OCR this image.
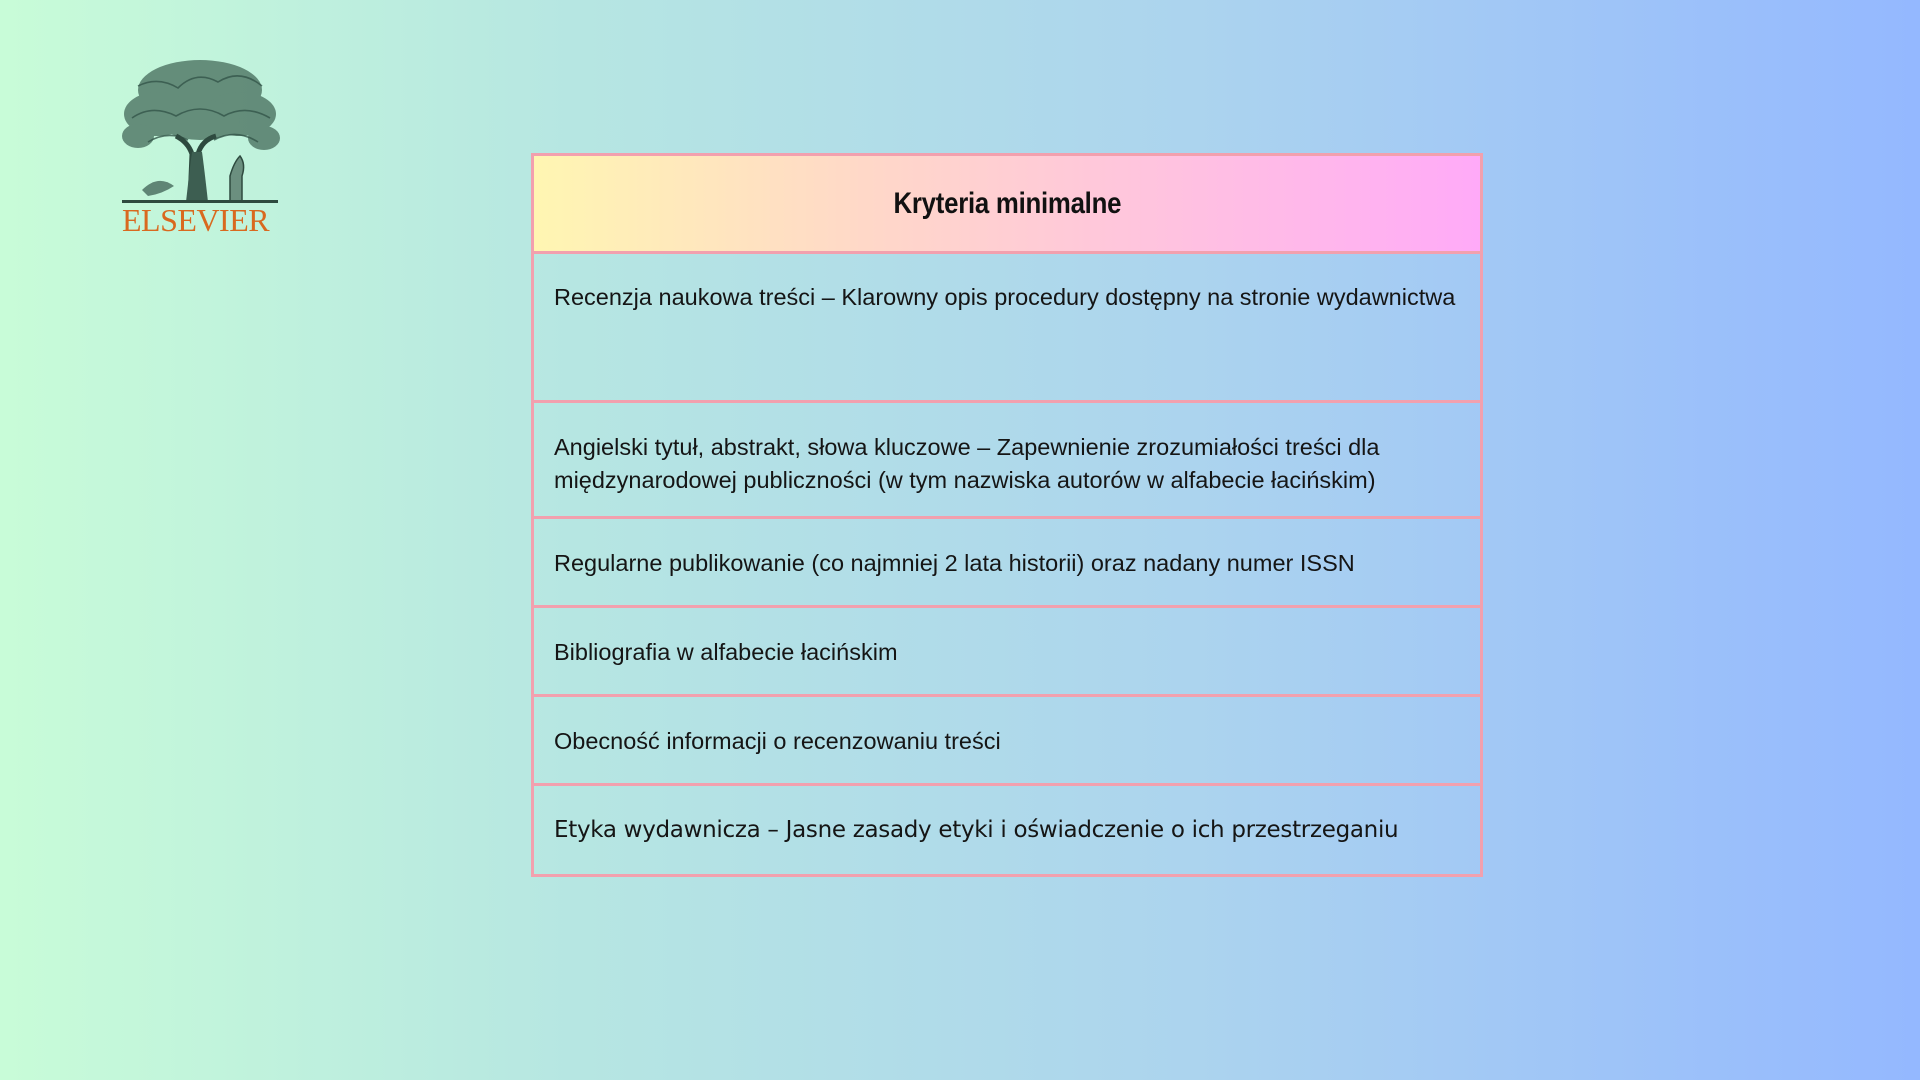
ELSEVIER	Kryteria minimalne
Recenzja naukowa treści – Klarowny opis procedury dostępny na stronie wydawnictwa
Angielski tytuł, abstrakt, słowa kluczowe – Zapewnienie zrozumiałości treści dla międzynarodowej publiczności (w tym nazwiska autorów w alfabecie łacińskim)
Regularne publikowanie (co najmniej 2 lata historii) oraz nadany numer ISSN
Bibliografia w alfabecie łacińskim
Obecność informacji o recenzowaniu treści
Etyka wydawnicza – Jasne zasady etyki i oświadczenie o ich przestrzeganiu
